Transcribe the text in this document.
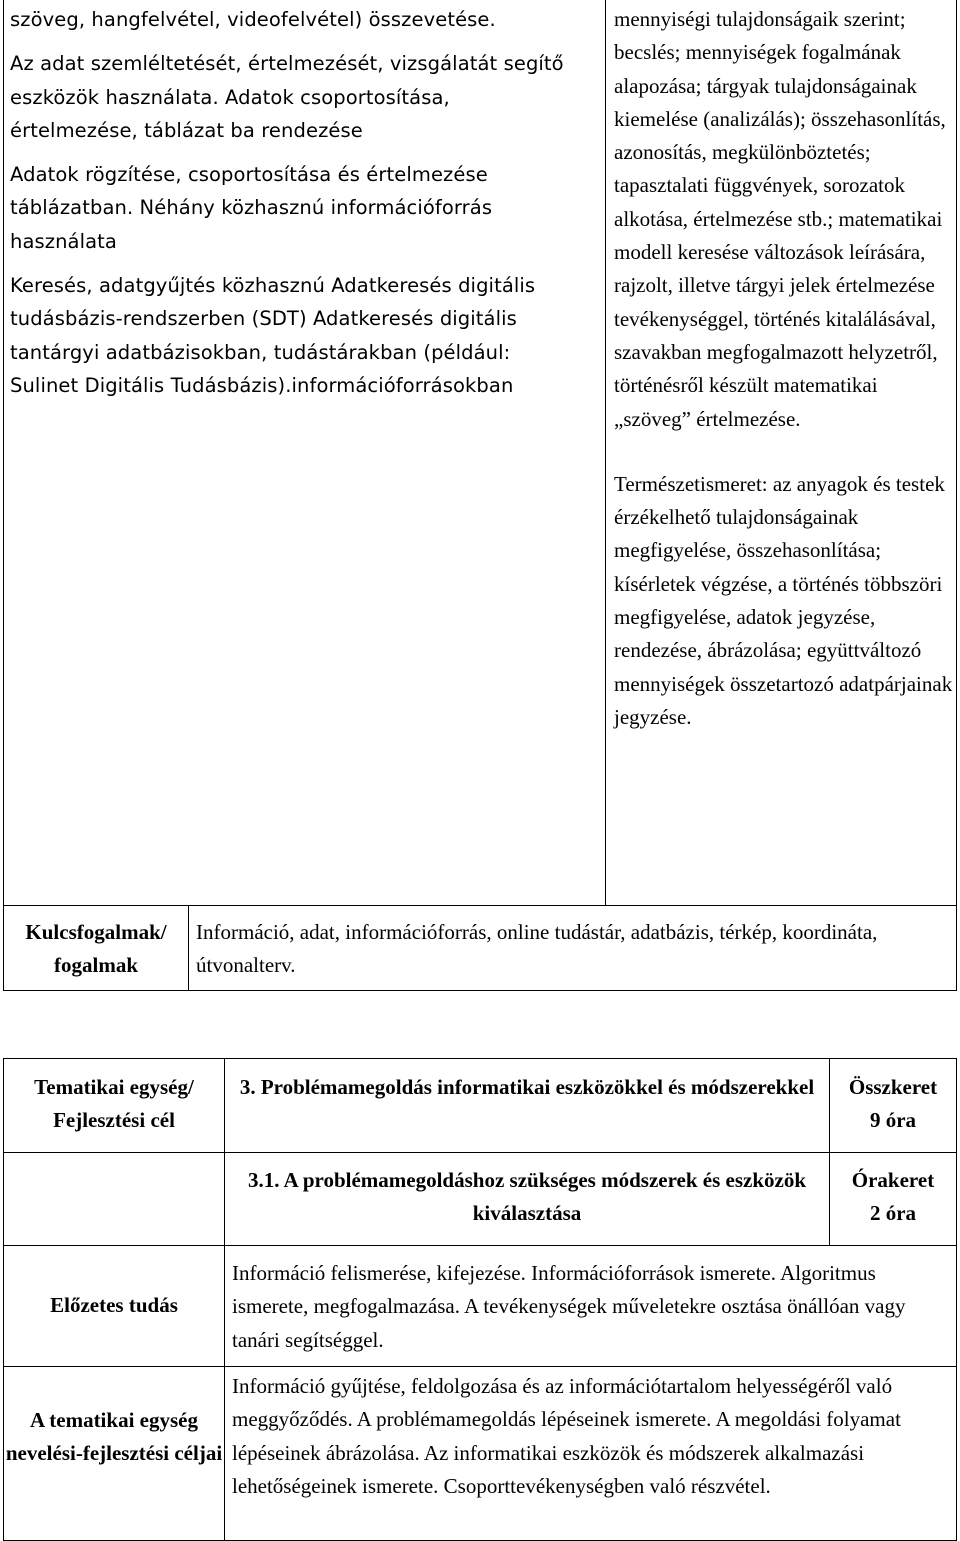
szöveg, hangfelvétel, videofelvétel) összevetése.

Az adat szemléltetését, értelmezését, vizsgálatát segítő eszközök használata. Adatok csoportosítása, értelmezése, táblázat ba rendezése

Adatok rögzítése, csoportosítása és értelmezése táblázatban. Néhány közhasznú információforrás használata

Keresés, adatgyűjtés közhasznú Adatkeresés digitális tudásbázis-rendszerben (SDT) Adatkeresés digitális tantárgyi adatbázisokban, tudástárakban (például: Sulinet Digitális Tudásbázis).információforrásokban

mennyiségi tulajdonságaik szerint; becslés; mennyiségek fogalmának alapozása; tárgyak tulajdonságainak kiemelése (analizálás); összehasonlítás, azonosítás, megkülönböztetés; tapasztalati függvények, sorozatok alkotása, értelmezése stb.; matematikai modell keresése változások leírására, rajzolt, illetve tárgyi jelek értelmezése tevékenységgel, történés kitalálásával, szavakban megfogalmazott helyzetről, történésről készült matematikai „szöveg” értelmezése.

Természetismeret: az anyagok és testek érzékelhető tulajdonságainak megfigyelése, összehasonlítása; kísérletek végzése, a történés többszöri megfigyelése, adatok jegyzése, rendezése, ábrázolása; együttváltozó mennyiségek összetartozó adatpárjainak jegyzése.

Kulcsfogalmak/ fogalmak
Információ, adat, információforrás, online tudástár, adatbázis, térkép, koordináta, útvonalterv.
Tematikai egység/ Fejlesztési cél
3. Problémamegoldás informatikai eszközökkel és módszerekkel	Összkeret
9 óra
3.1. A problémamegoldáshoz szükséges módszerek és eszközök kiválasztása
Órakeret
2 óra
Előzetes tudás
Információ felismerése, kifejezése. Információforrások ismerete. Algoritmus ismerete, megfogalmazása. A tevékenységek műveletekre osztása önállóan vagy tanári segítséggel.
A tematikai egység nevelési-fejlesztési céljai
Információ gyűjtése, feldolgozása és az információtartalom helyességéről való meggyőződés. A problémamegoldás lépéseinek ismerete. A megoldási folyamat lépéseinek ábrázolása. Az informatikai eszközök és módszerek alkalmazási lehetőségeinek ismerete. Csoporttevékenységben való részvétel.
